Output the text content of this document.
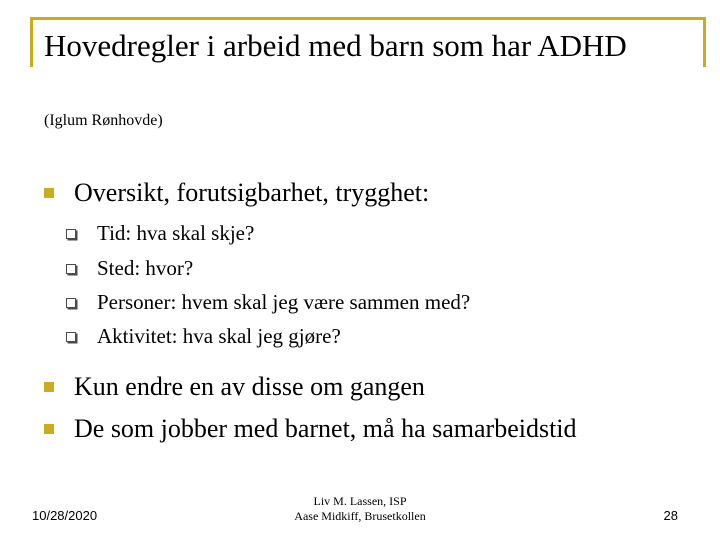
Hovedregler i arbeid med barn som har ADHD
(Iglum Rønhovde)
Oversikt, forutsigbarhet, trygghet:
Tid: hva skal skje?
Sted: hvor?
Personer: hvem skal jeg være sammen med?
Aktivitet: hva skal jeg gjøre?
Kun endre en av disse om gangen
De som jobber med barnet, må ha samarbeidstid
10/28/2020
Liv M. Lassen, ISP
Aase Midkiff, Brusetkollen	28
